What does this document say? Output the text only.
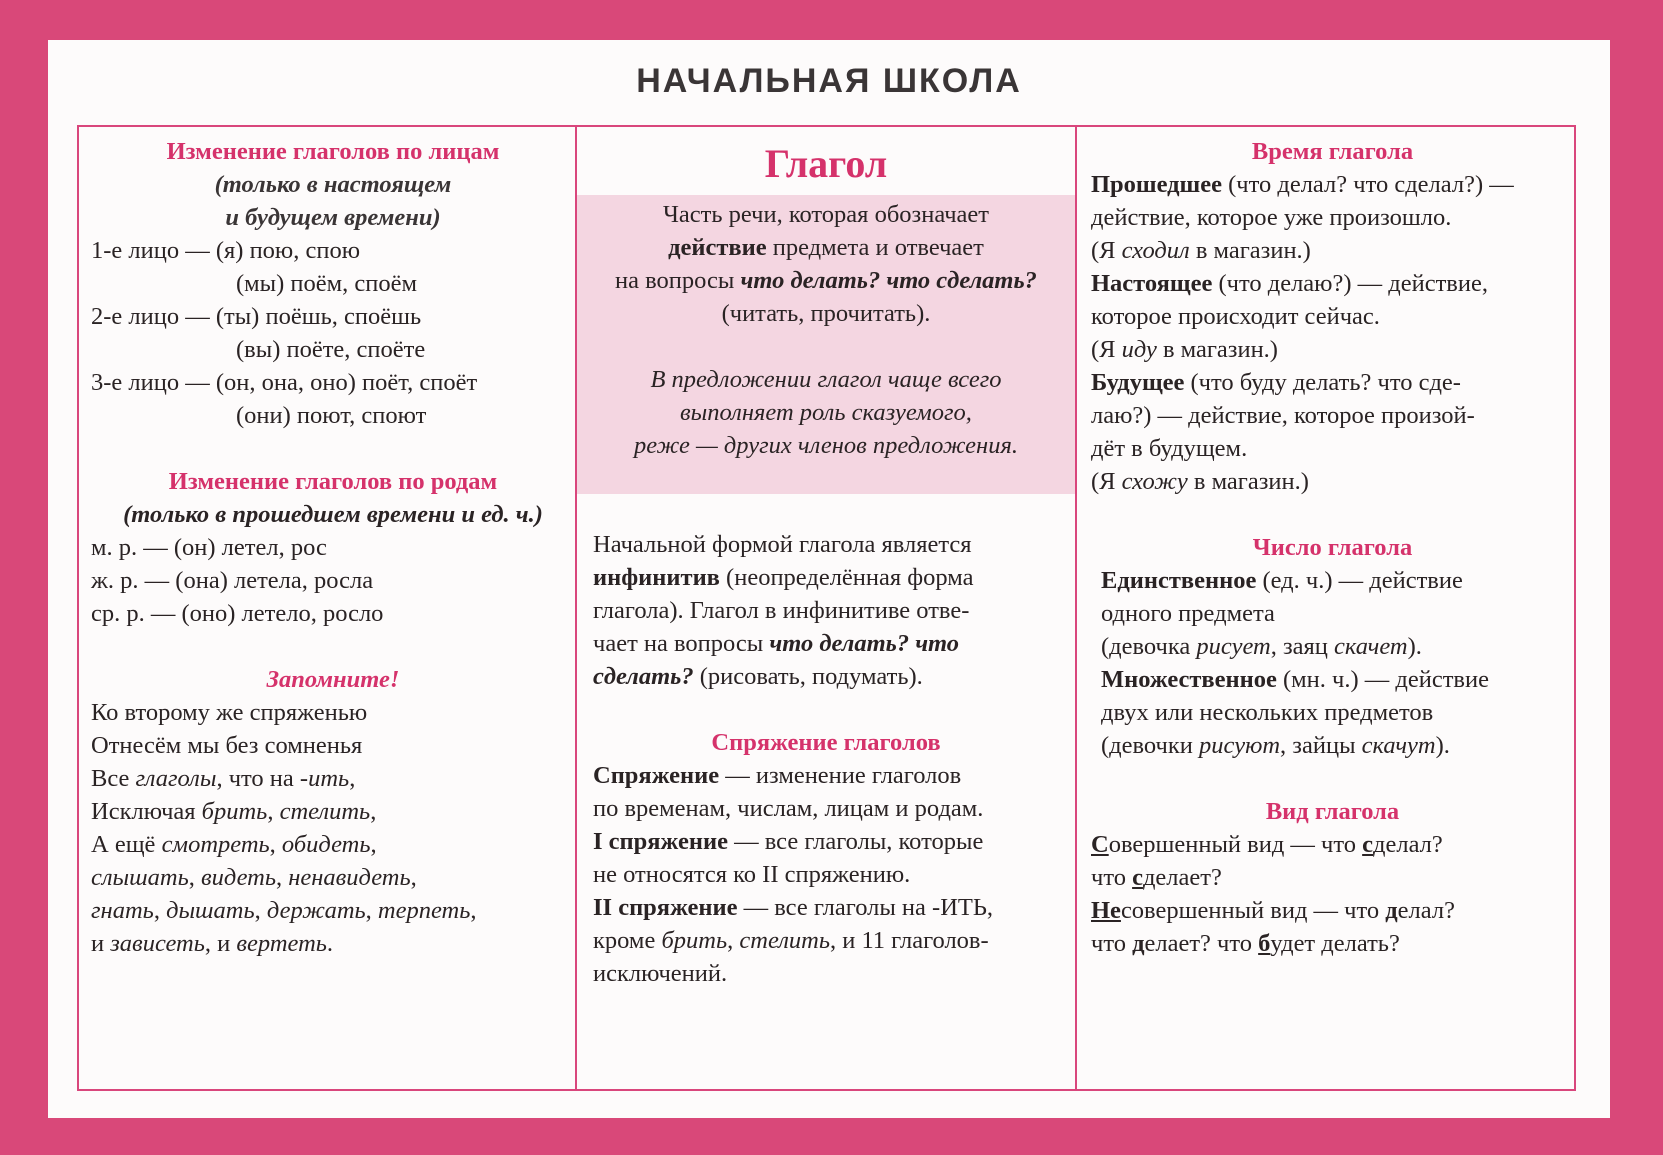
НАЧАЛЬНАЯ ШКОЛА
Изменение глаголов по лицам
(только в настоящем
и будущем времени)
1-е лицо — (я) пою, спою
(мы) поём, споём
2-е лицо — (ты) поёшь, споёшь
(вы) поёте, споёте
3-е лицо — (он, она, оно) поёт, споёт
(они) поют, споют
Изменение глаголов по родам
(только в прошедшем времени и ед. ч.)
м. р. — (он) летел, рос
ж. р. — (она) летела, росла
ср. р. — (оно) летело, росло
Запомните!
Ко второму же спряженью
Отнесём мы без сомненья
Все глаголы, что на -ить,
Исключая брить, стелить,
А ещё смотреть, обидеть,
слышать, видеть, ненавидеть,
гнать, дышать, держать, терпеть,
и зависеть, и вертеть.
Глагол
Часть речи, которая обозначает
действие предмета и отвечает
на вопросы что делать? что сделать?
(читать, прочитать).
В предложении глагол чаще всего
выполняет роль сказуемого,
реже — других членов предложения.
Начальной формой глагола является
инфинитив (неопределённая форма
глагола). Глагол в инфинитиве отве-
чает на вопросы что делать? что
сделать? (рисовать, подумать).
Спряжение глаголов
Спряжение — изменение глаголов
по временам, числам, лицам и родам.
I спряжение — все глаголы, которые
не относятся ко II спряжению.
II спряжение — все глаголы на -ИТЬ,
кроме брить, стелить, и 11 глаголов-
исключений.
Время глагола
Прошедшее (что делал? что сделал?) —
действие, которое уже произошло.
(Я сходил в магазин.)
Настоящее (что делаю?) — действие,
которое происходит сейчас.
(Я иду в магазин.)
Будущее (что буду делать? что сде-
лаю?) — действие, которое произой-
дёт в будущем.
(Я схожу в магазин.)
Число глагола
Единственное (ед. ч.) — действие
одного предмета
(девочка рисует, заяц скачет).
Множественное (мн. ч.) — действие
двух или нескольких предметов
(девочки рисуют, зайцы скачут).
Вид глагола
Совершенный вид — что сделал?
что сделает?
Несовершенный вид — что делал?
что делает? что будет делать?
